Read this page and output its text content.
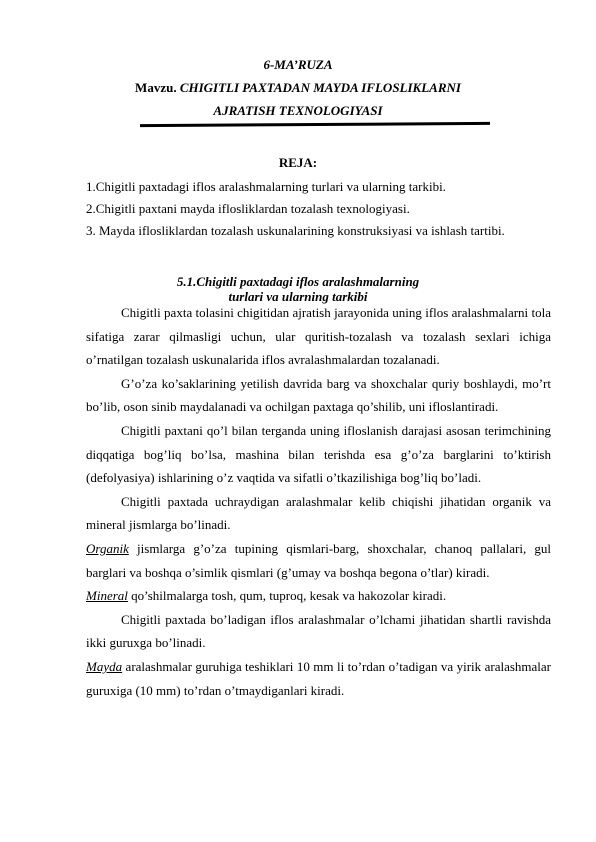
6-MA’RUZA
Mavzu. CHIGITLI PAXTADAN MAYDA IFLOSLIKLARNI
AJRATISH TEXNOLOGIYASI
REJA:
1.Chigitli paxtadagi iflos aralashmalarning turlari va ularning tarkibi.
2.Chigitli paxtani mayda iflosliklardan tozalash texnologiyasi.
3. Mayda iflosliklardan tozalash uskunalarining konstruksiyasi va ishlash tartibi.
5.1.Chigitli paxtadagi iflos aralashmalarning
turlari va ularning tarkibi

Chigitli paxta tolasini chigitidan ajratish jarayonida uning iflos aralashmalarni tola sifatiga zarar qilmasligi uchun, ular quritish-tozalash va tozalash sexlari ichiga o’rnatilgan tozalash uskunalarida iflos avralashmalardan tozalanadi.

G’o’za ko’saklarining yetilish davrida barg va shoxchalar quriy boshlaydi, mo’rt bo’lib, oson sinib maydalanadi va ochilgan paxtaga qo’shilib, uni ifloslantiradi.

Chigitli paxtani qo’l bilan terganda uning ifloslanish darajasi asosan terimchining diqqatiga bog’liq bo’lsa, mashina bilan terishda esa g’o’za barglarini to’ktirish (defolyasiya) ishlarining o’z vaqtida va sifatli o’tkazilishiga bog’liq bo’ladi.

Chigitli paxtada uchraydigan aralashmalar kelib chiqishi jihatidan organik va mineral jismlarga bo’linadi.

Organik jismlarga g’o’za tupining qismlari-barg, shoxchalar, chanoq pallalari, gul barglari va boshqa o’simlik qismlari (g’umay va boshqa begona o’tlar) kiradi.

Mineral qo’shilmalarga tosh, qum, tuproq, kesak va hakozolar kiradi.

Chigitli paxtada bo’ladigan iflos aralashmalar o’lchami jihatidan shartli ravishda ikki guruxga bo’linadi.

Mayda aralashmalar guruhiga teshiklari 10 mm li to’rdan o’tadigan va yirik aralashmalar guruxiga (10 mm) to’rdan o’tmaydiganlari kiradi.
